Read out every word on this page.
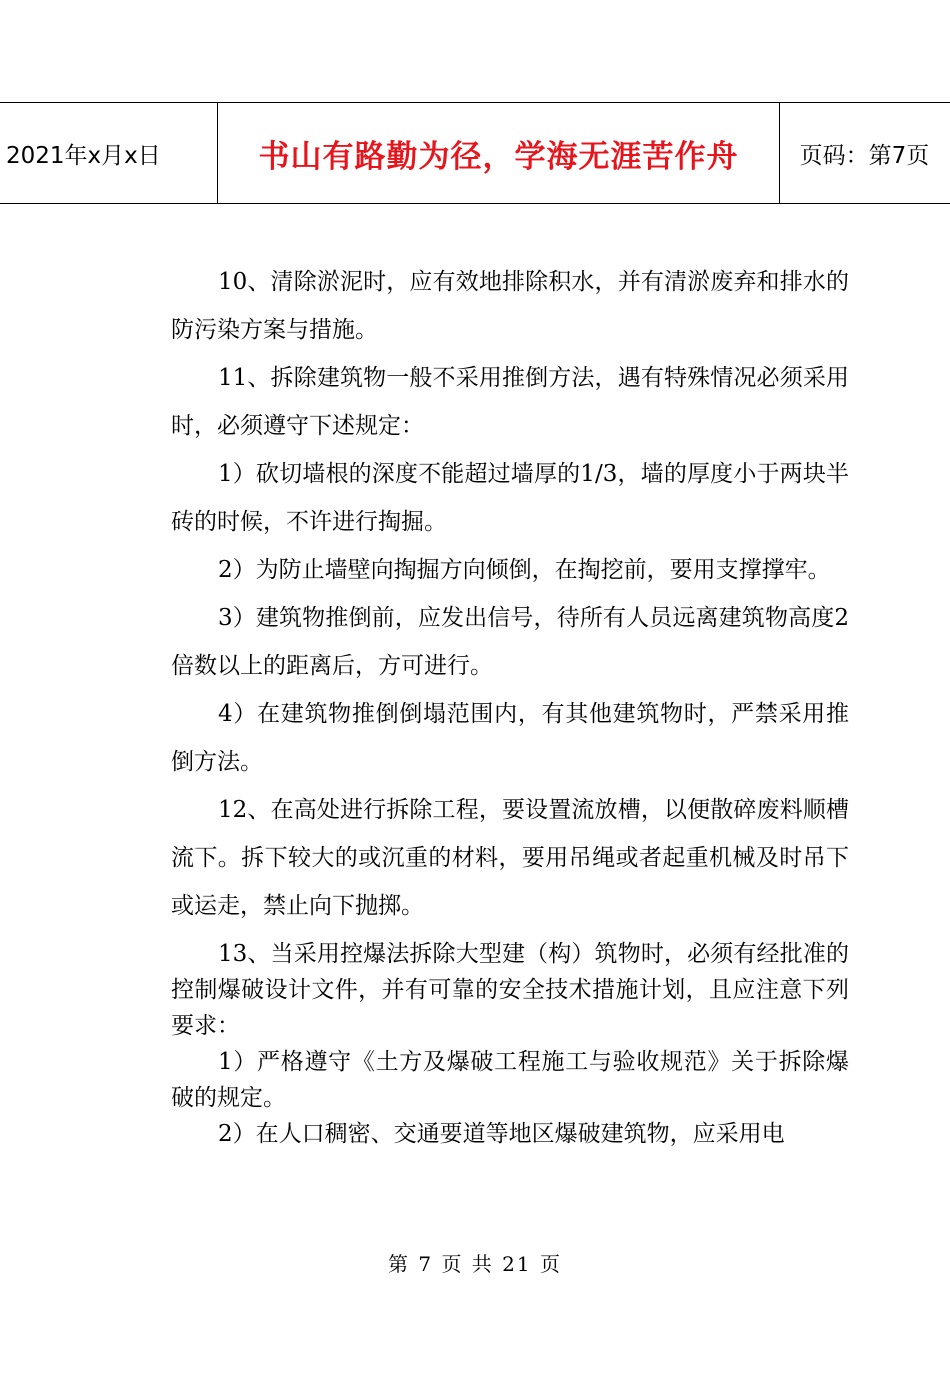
2021年x月x日	书山有路勤为径，学海无涯苦作舟	页码：第7页

10、清除淤泥时，应有效地排除积水，并有清淤废弃和排水的防污染方案与措施。

11、拆除建筑物一般不采用推倒方法，遇有特殊情况必须采用时，必须遵守下述规定：

1）砍切墙根的深度不能超过墙厚的1/3，墙的厚度小于两块半砖的时候，不许进行掏掘。

2）为防止墙壁向掏掘方向倾倒，在掏挖前，要用支撑撑牢。

3）建筑物推倒前，应发出信号，待所有人员远离建筑物高度2倍数以上的距离后，方可进行。

4）在建筑物推倒倒塌范围内，有其他建筑物时，严禁采用推倒方法。

12、在高处进行拆除工程，要设置流放槽，以便散碎废料顺槽流下。拆下较大的或沉重的材料，要用吊绳或者起重机械及时吊下或运走，禁止向下抛掷。

13、当采用控爆法拆除大型建（构）筑物时，必须有经批准的控制爆破设计文件，并有可靠的安全技术措施计划，且应注意下列要求：

1）严格遵守《土方及爆破工程施工与验收规范》关于拆除爆破的规定。

2）在人口稠密、交通要道等地区爆破建筑物，应采用电

第 7 页 共 21 页
